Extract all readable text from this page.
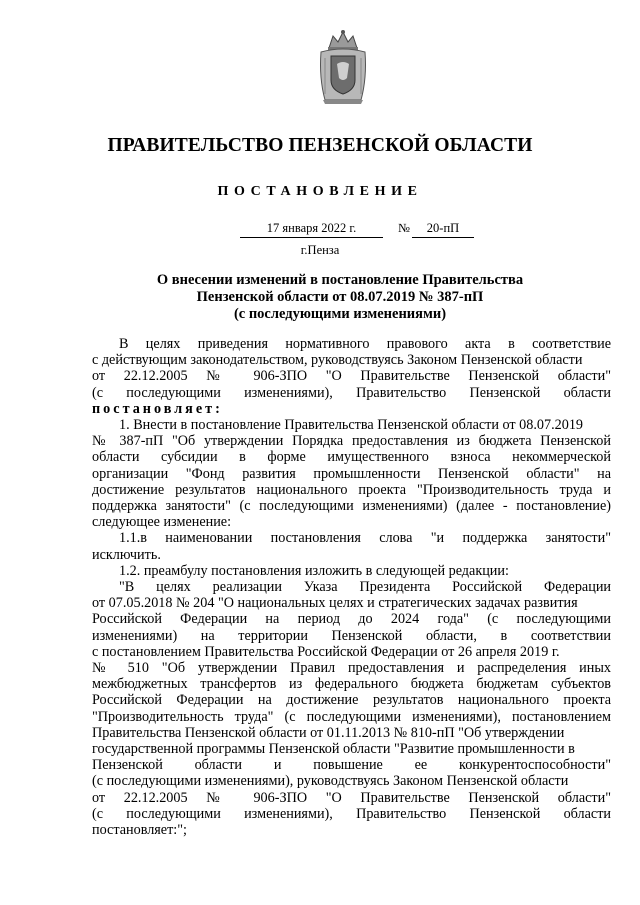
ПРАВИТЕЛЬСТВО ПЕНЗЕНСКОЙ ОБЛАСТИ
ПОСТАНОВЛЕНИЕ
17 января 2022 г.	№	20-пП
г.Пенза
О внесении изменений в постановление Правительства
Пензенской области от 08.07.2019 № 387-пП
(с последующими изменениями)
В целях приведения нормативного правового акта в соответствие
с действующим законодательством, руководствуясь Законом Пензенской области
от 22.12.2005 № 906-ЗПО "О Правительстве Пензенской области"
(с последующими изменениями), Правительство Пензенской области
постановляет:
1. Внести в постановление Правительства Пензенской области от 08.07.2019
№ 387-пП "Об утверждении Порядка предоставления из бюджета Пензенской
области субсидии в форме имущественного взноса некоммерческой
организации "Фонд развития промышленности Пензенской области" на
достижение результатов национального проекта "Производительность труда и
поддержка занятости" (с последующими изменениями) (далее - постановление)
следующее изменение:
1.1.в наименовании постановления слова "и поддержка занятости"
исключить.
1.2. преамбулу постановления изложить в следующей редакции:
"В целях реализации Указа Президента Российской Федерации
от 07.05.2018 № 204 "О национальных целях и стратегических задачах развития
Российской Федерации на период до 2024 года" (с последующими
изменениями) на территории Пензенской области, в соответствии
с постановлением Правительства Российской Федерации от 26 апреля 2019 г.
№ 510 "Об утверждении Правил предоставления и распределения иных
межбюджетных трансфертов из федерального бюджета бюджетам субъектов
Российской Федерации на достижение результатов национального проекта
"Производительность труда" (с последующими изменениями), постановлением
Правительства Пензенской области от 01.11.2013 № 810-пП "Об утверждении
государственной программы Пензенской области "Развитие промышленности в
Пензенской области и повышение ее конкурентоспособности"
(с последующими изменениями), руководствуясь Законом Пензенской области
от 22.12.2005 № 906-ЗПО "О Правительстве Пензенской области"
(с последующими изменениями), Правительство Пензенской области
постановляет:";
